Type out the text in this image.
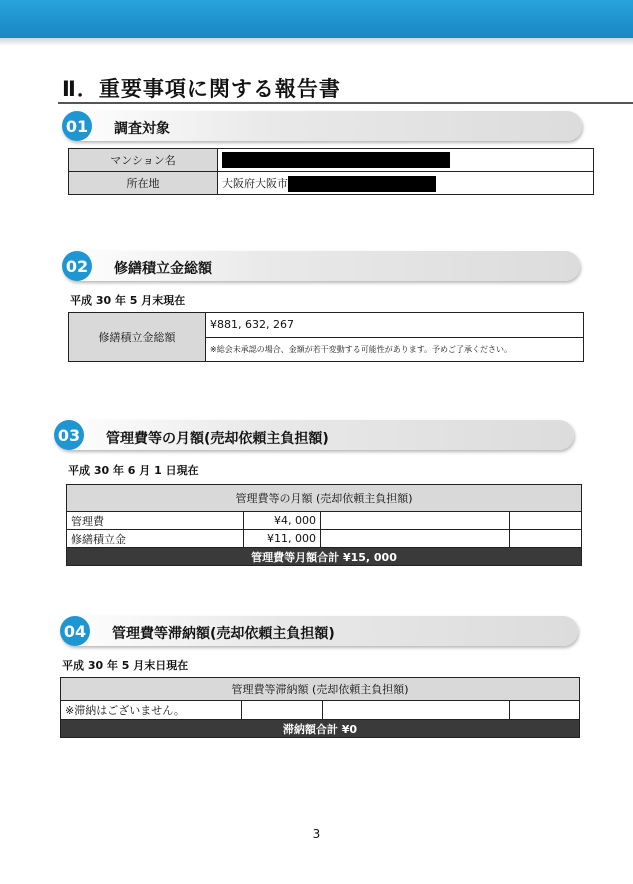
Ⅱ．重要事項に関する報告書
01 調査対象
マンション名	
所在地	大阪府大阪市
02 修繕積立金総額
平成 30 年 5 月末現在
修繕積立金総額	¥881, 632, 267
※総会未承認の場合、金額が若干変動する可能性があります。予めご了承ください。
03 管理費等の月額(売却依頼主負担額)
平成 30 年 6 月 1 日現在
管理費等の月額 (売却依頼主負担額)			
管理費	¥4, 000		
修繕積立金	¥11, 000		
管理費等月額合計 ¥15, 000			
04 管理費等滞納額(売却依頼主負担額)
平成 30 年 5 月末日現在
管理費等滞納額 (売却依頼主負担額)
※滞納はございません。			
滞納額合計 ¥0
3
